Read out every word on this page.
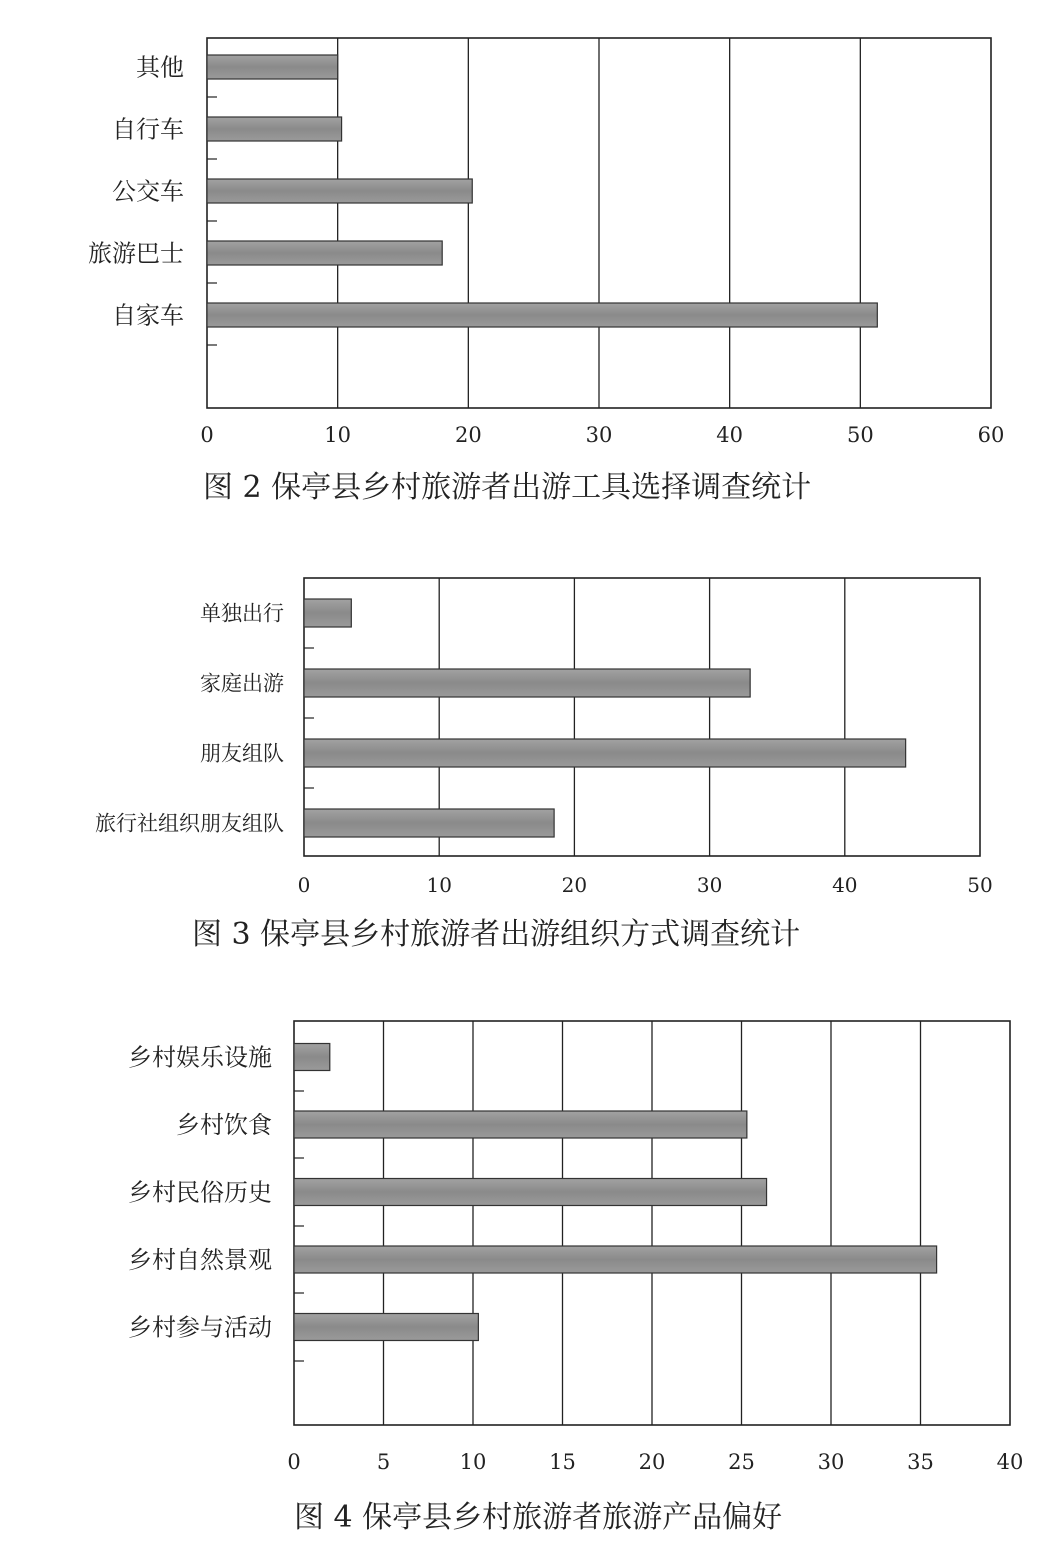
其他
自行车
公交车
旅游巴士
自家车
0	10	20	30	40	50	60
图 2 保亭县乡村旅游者出游工具选择调查统计
单独出行
家庭出游
朋友组队
旅行社组织朋友组队
0	10	20	30	40	50
图 3 保亭县乡村旅游者出游组织方式调查统计
乡村娱乐设施
乡村饮食
乡村民俗历史
乡村自然景观
乡村参与活动
0	5	10	15	20	25	30	35	40
图 4 保亭县乡村旅游者旅游产品偏好
